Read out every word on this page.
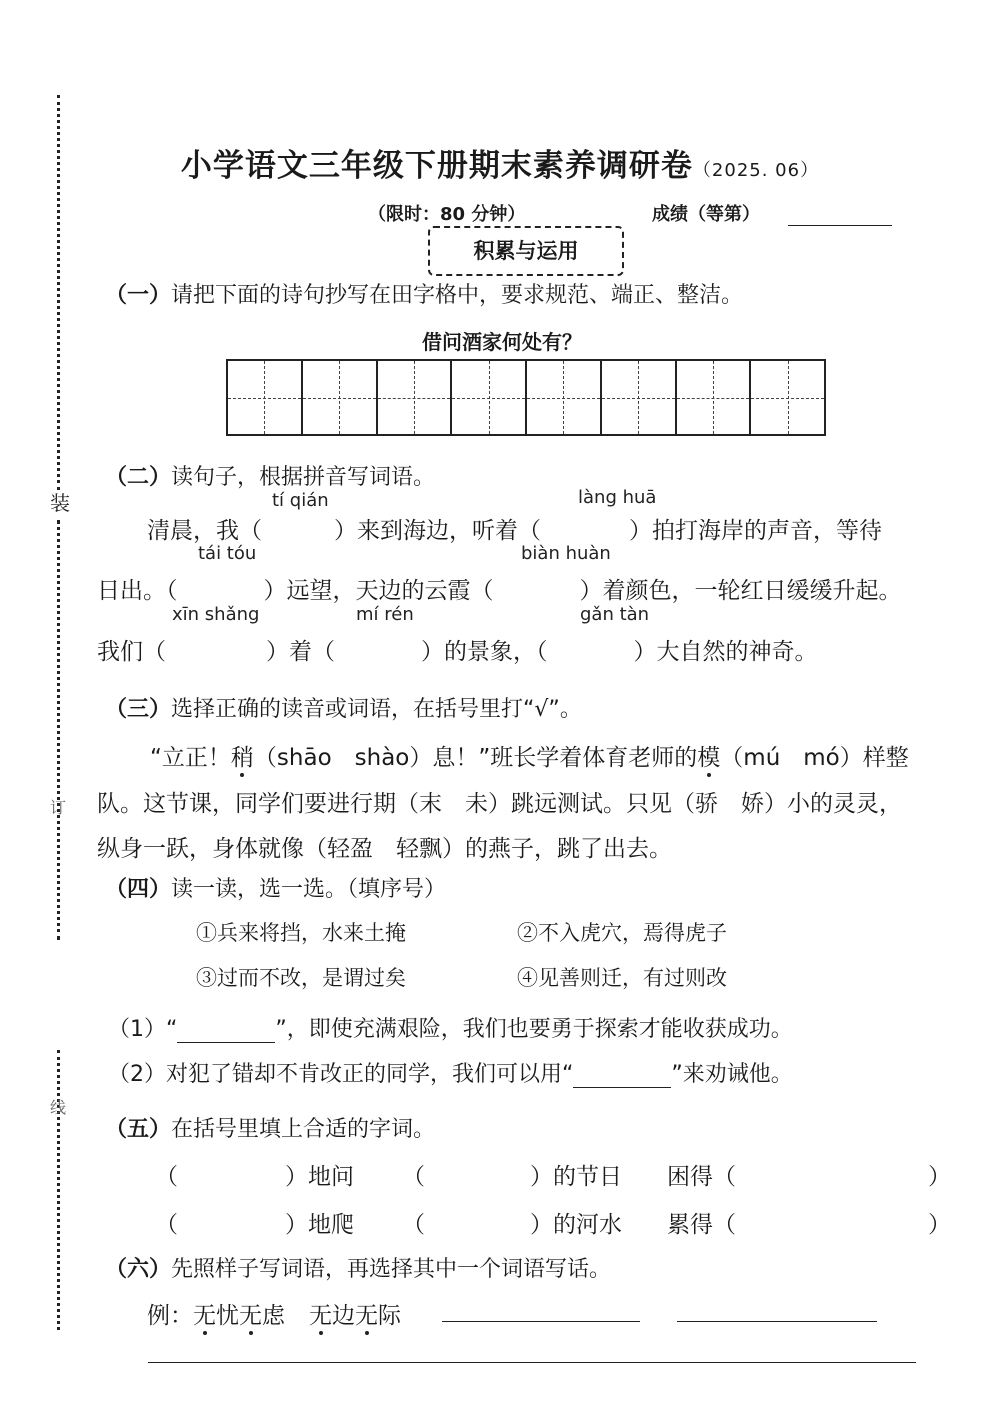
装
订
线
小学语文三年级下册期末素养调研卷（2025. 06）
（限时：80 分钟）	成绩（等第）
积累与运用
（一）请把下面的诗句抄写在田字格中，要求规范、端正、整洁。
借问酒家何处有？
（二）读句子，根据拼音写词语。
tí qián	làng huā
清晨，我（	）来到海边，听着（	）拍打海岸的声音，等待
tái tóu	biàn huàn
日出。（	）远望，天边的云霞（	）着颜色，一轮红日缓缓升起。
xīn shǎng	mí rén	gǎn tàn
我们（	）着（	）的景象，（	）大自然的神奇。
（三）选择正确的读音或词语，在括号里打“√”。
“立正！稍（shāo　shào）息！”班长学着体育老师的模（mú　mó）样整
队。这节课，同学们要进行期（末　未）跳远测试。只见（骄　娇）小的灵灵，
纵身一跃，身体就像（轻盈　轻飘）的燕子，跳了出去。
（四）读一读，选一选。（填序号）
①兵来将挡，水来土掩	②不入虎穴，焉得虎子
③过而不改，是谓过矣	④见善则迁，有过则改
（1）“	”，即使充满艰险，我们也要勇于探索才能收获成功。
（2）对犯了错却不肯改正的同学，我们可以用“	”来劝诫他。
（五）在括号里填上合适的字词。
（	）地问 （	）的节日 困得（	）
（	）地爬 （	）的河水 累得（	）
（六）先照样子写词语，再选择其中一个词语写话。
例：无忧无虑 无边无际
